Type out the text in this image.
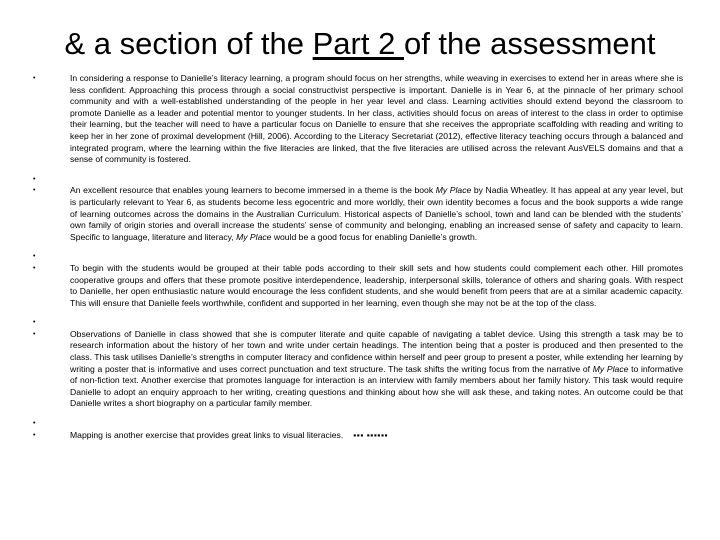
& a section of the Part 2 of the assessment
•	In considering a response to Danielle’s literacy learning, a program should focus on her strengths, while weaving in exercises to extend her in areas where she is less confident. Approaching this process through a social constructivist perspective is important. Danielle is in Year 6, at the pinnacle of her primary school community and with a well-established understanding of the people in her year level and class. Learning activities should extend beyond the classroom to promote Danielle as a leader and potential mentor to younger students. In her class, activities should focus on areas of interest to the class in order to optimise their learning, but the teacher will need to have a particular focus on Danielle to ensure that she receives the appropriate scaffolding with reading and writing to keep her in her zone of proximal development (Hill, 2006). According to the Literacy Secretariat (2012), effective literacy teaching occurs through a balanced and integrated program, where the learning within the five literacies are linked, that the five literacies are utilised across the relevant AusVELS domains and that a sense of community is fostered.

•
•	An excellent resource that enables young learners to become immersed in a theme is the book My Place by Nadia Wheatley. It has appeal at any year level, but is particularly relevant to Year 6, as students become less egocentric and more worldly, their own identity becomes a focus and the book supports a wide range of learning outcomes across the domains in the Australian Curriculum. Historical aspects of Danielle’s school, town and land can be blended with the students’ own family of origin stories and overall increase the students’ sense of community and belonging, enabling an increased sense of safety and capacity to learn. Specific to language, literature and literacy, My Place would be a good focus for enabling Danielle’s growth.

•
•	To begin with the students would be grouped at their table pods according to their skill sets and how students could complement each other. Hill promotes cooperative groups and offers that these promote positive interdependence, leadership, interpersonal skills, tolerance of others and sharing goals. With respect to Danielle, her open enthusiastic nature would encourage the less confident students, and she would benefit from peers that are at a similar academic capacity. This will ensure that Danielle feels worthwhile, confident and supported in her learning, even though she may not be at the top of the class.

•
•	Observations of Danielle in class showed that she is computer literate and quite capable of navigating a tablet device. Using this strength a task may be to research information about the history of her town and write under certain headings. The intention being that a poster is produced and then presented to the class. This task utilises Danielle’s strengths in computer literacy and confidence within herself and peer group to present a poster, while extending her learning by writing a poster that is informative and uses correct punctuation and text structure. The task shifts the writing focus from the narrative of My Place to informative of non-fiction text. Another exercise that promotes language for interaction is an interview with family members about her family history. This task would require Danielle to adopt an enquiry approach to her writing, creating questions and thinking about how she will ask these, and taking notes. An outcome could be that Danielle writes a short biography on a particular family member.

•
•	Mapping is another exercise that provides great links to visual literacies. ▪▪▪ ▪▪▪▪▪▪
